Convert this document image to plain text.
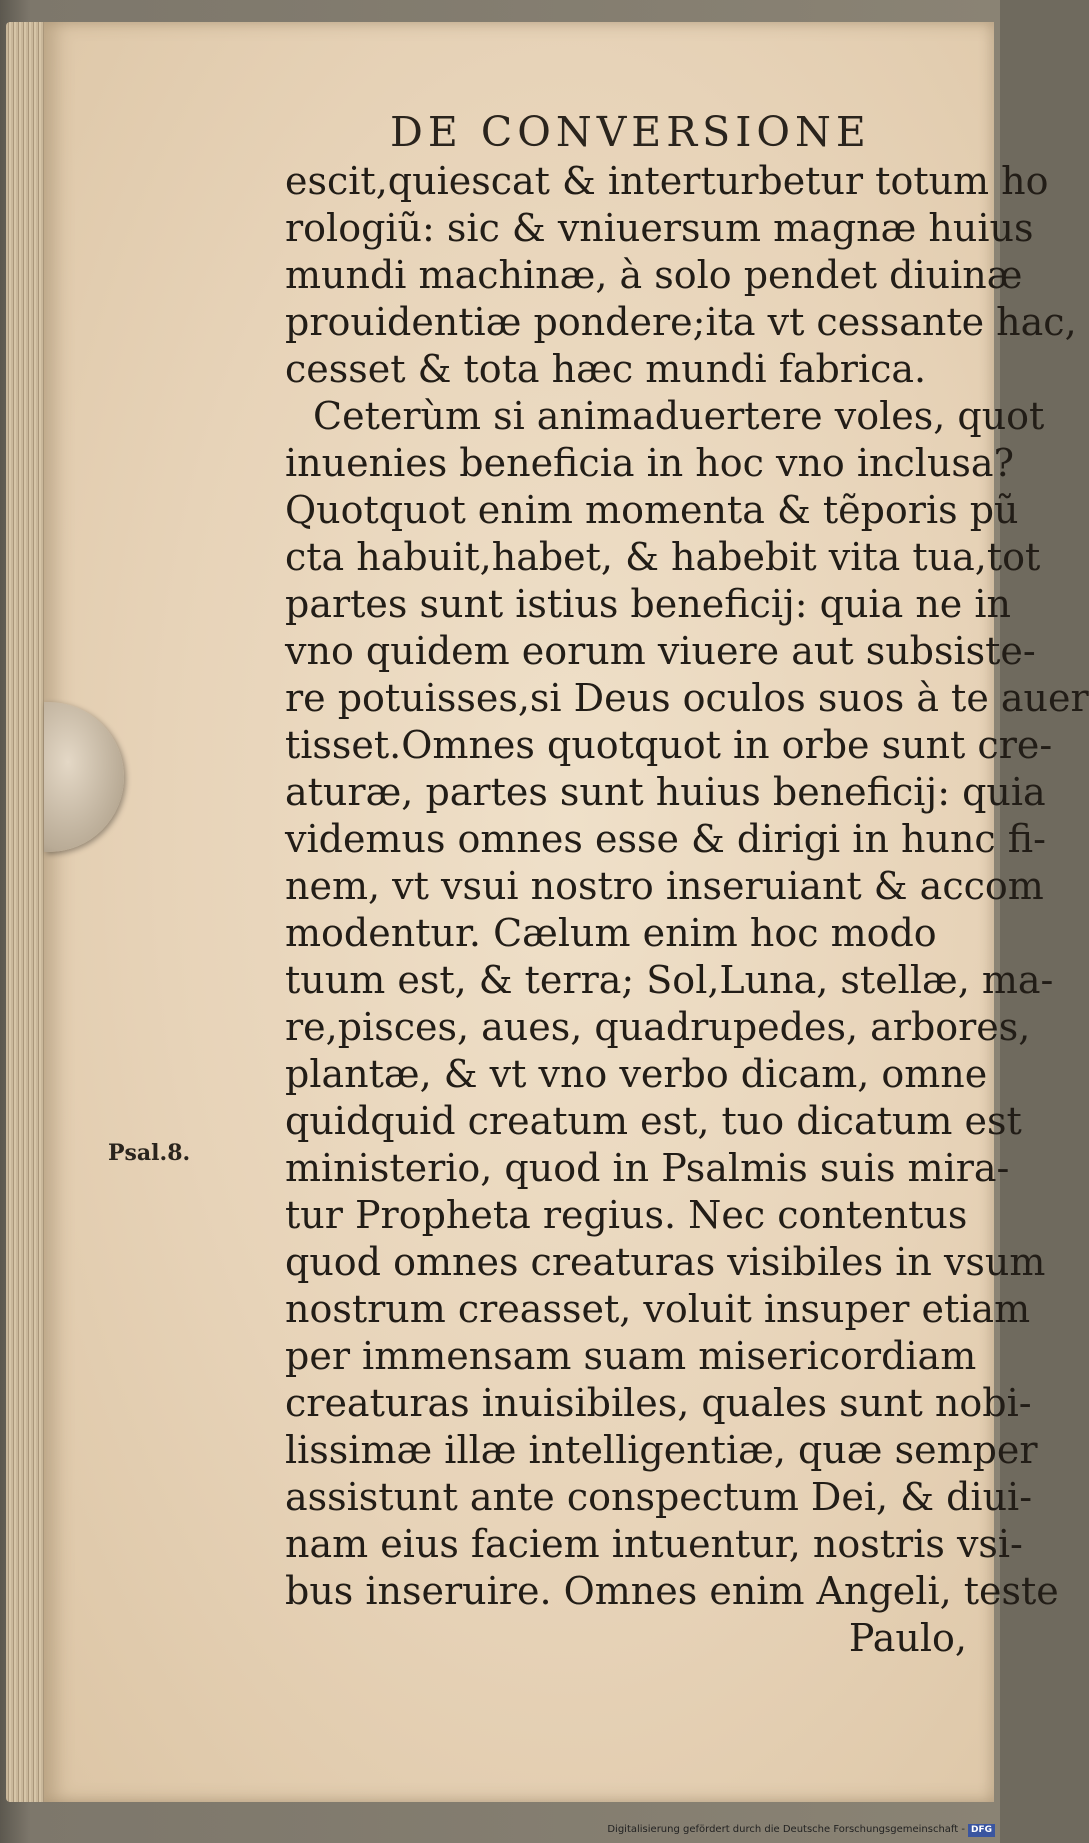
DE CONVERSIONE
Psal.8.
escit,quiescat & interturbetur totum ho
rologiũ: sic & vniuersum magnæ huius
mundi machinæ, à solo pendet diuinæ
prouidentiæ pondere;ita vt cessante hac,
cesset & tota hæc mundi fabrica.
Ceterùm si animaduertere voles, quot
inuenies beneficia in hoc vno inclusa?
Quotquot enim momenta & tẽporis pũ
cta habuit,habet, & habebit vita tua,tot
partes sunt istius beneficij: quia ne in
vno quidem eorum viuere aut subsiste-
re potuisses,si Deus oculos suos à te auer
tisset.Omnes quotquot in orbe sunt cre-
aturæ, partes sunt huius beneficij: quia
videmus omnes esse & dirigi in hunc fi-
nem, vt vsui nostro inseruiant & accom
modentur. Cælum enim hoc modo
tuum est, & terra; Sol,Luna, stellæ, ma-
re,pisces, aues, quadrupedes, arbores,
plantæ, & vt vno verbo dicam, omne
quidquid creatum est, tuo dicatum est
ministerio, quod in Psalmis suis mira-
tur Propheta regius. Nec contentus
quod omnes creaturas visibiles in vsum
nostrum creasset, voluit insuper etiam
per immensam suam misericordiam
creaturas inuisibiles, quales sunt nobi-
lissimæ illæ intelligentiæ, quæ semper
assistunt ante conspectum Dei, & diui-
nam eius faciem intuentur, nostris vsi-
bus inseruire. Omnes enim Angeli, teste
Paulo,
Digitalisierung gefördert durch die Deutsche Forschungsgemeinschaft - DFG
